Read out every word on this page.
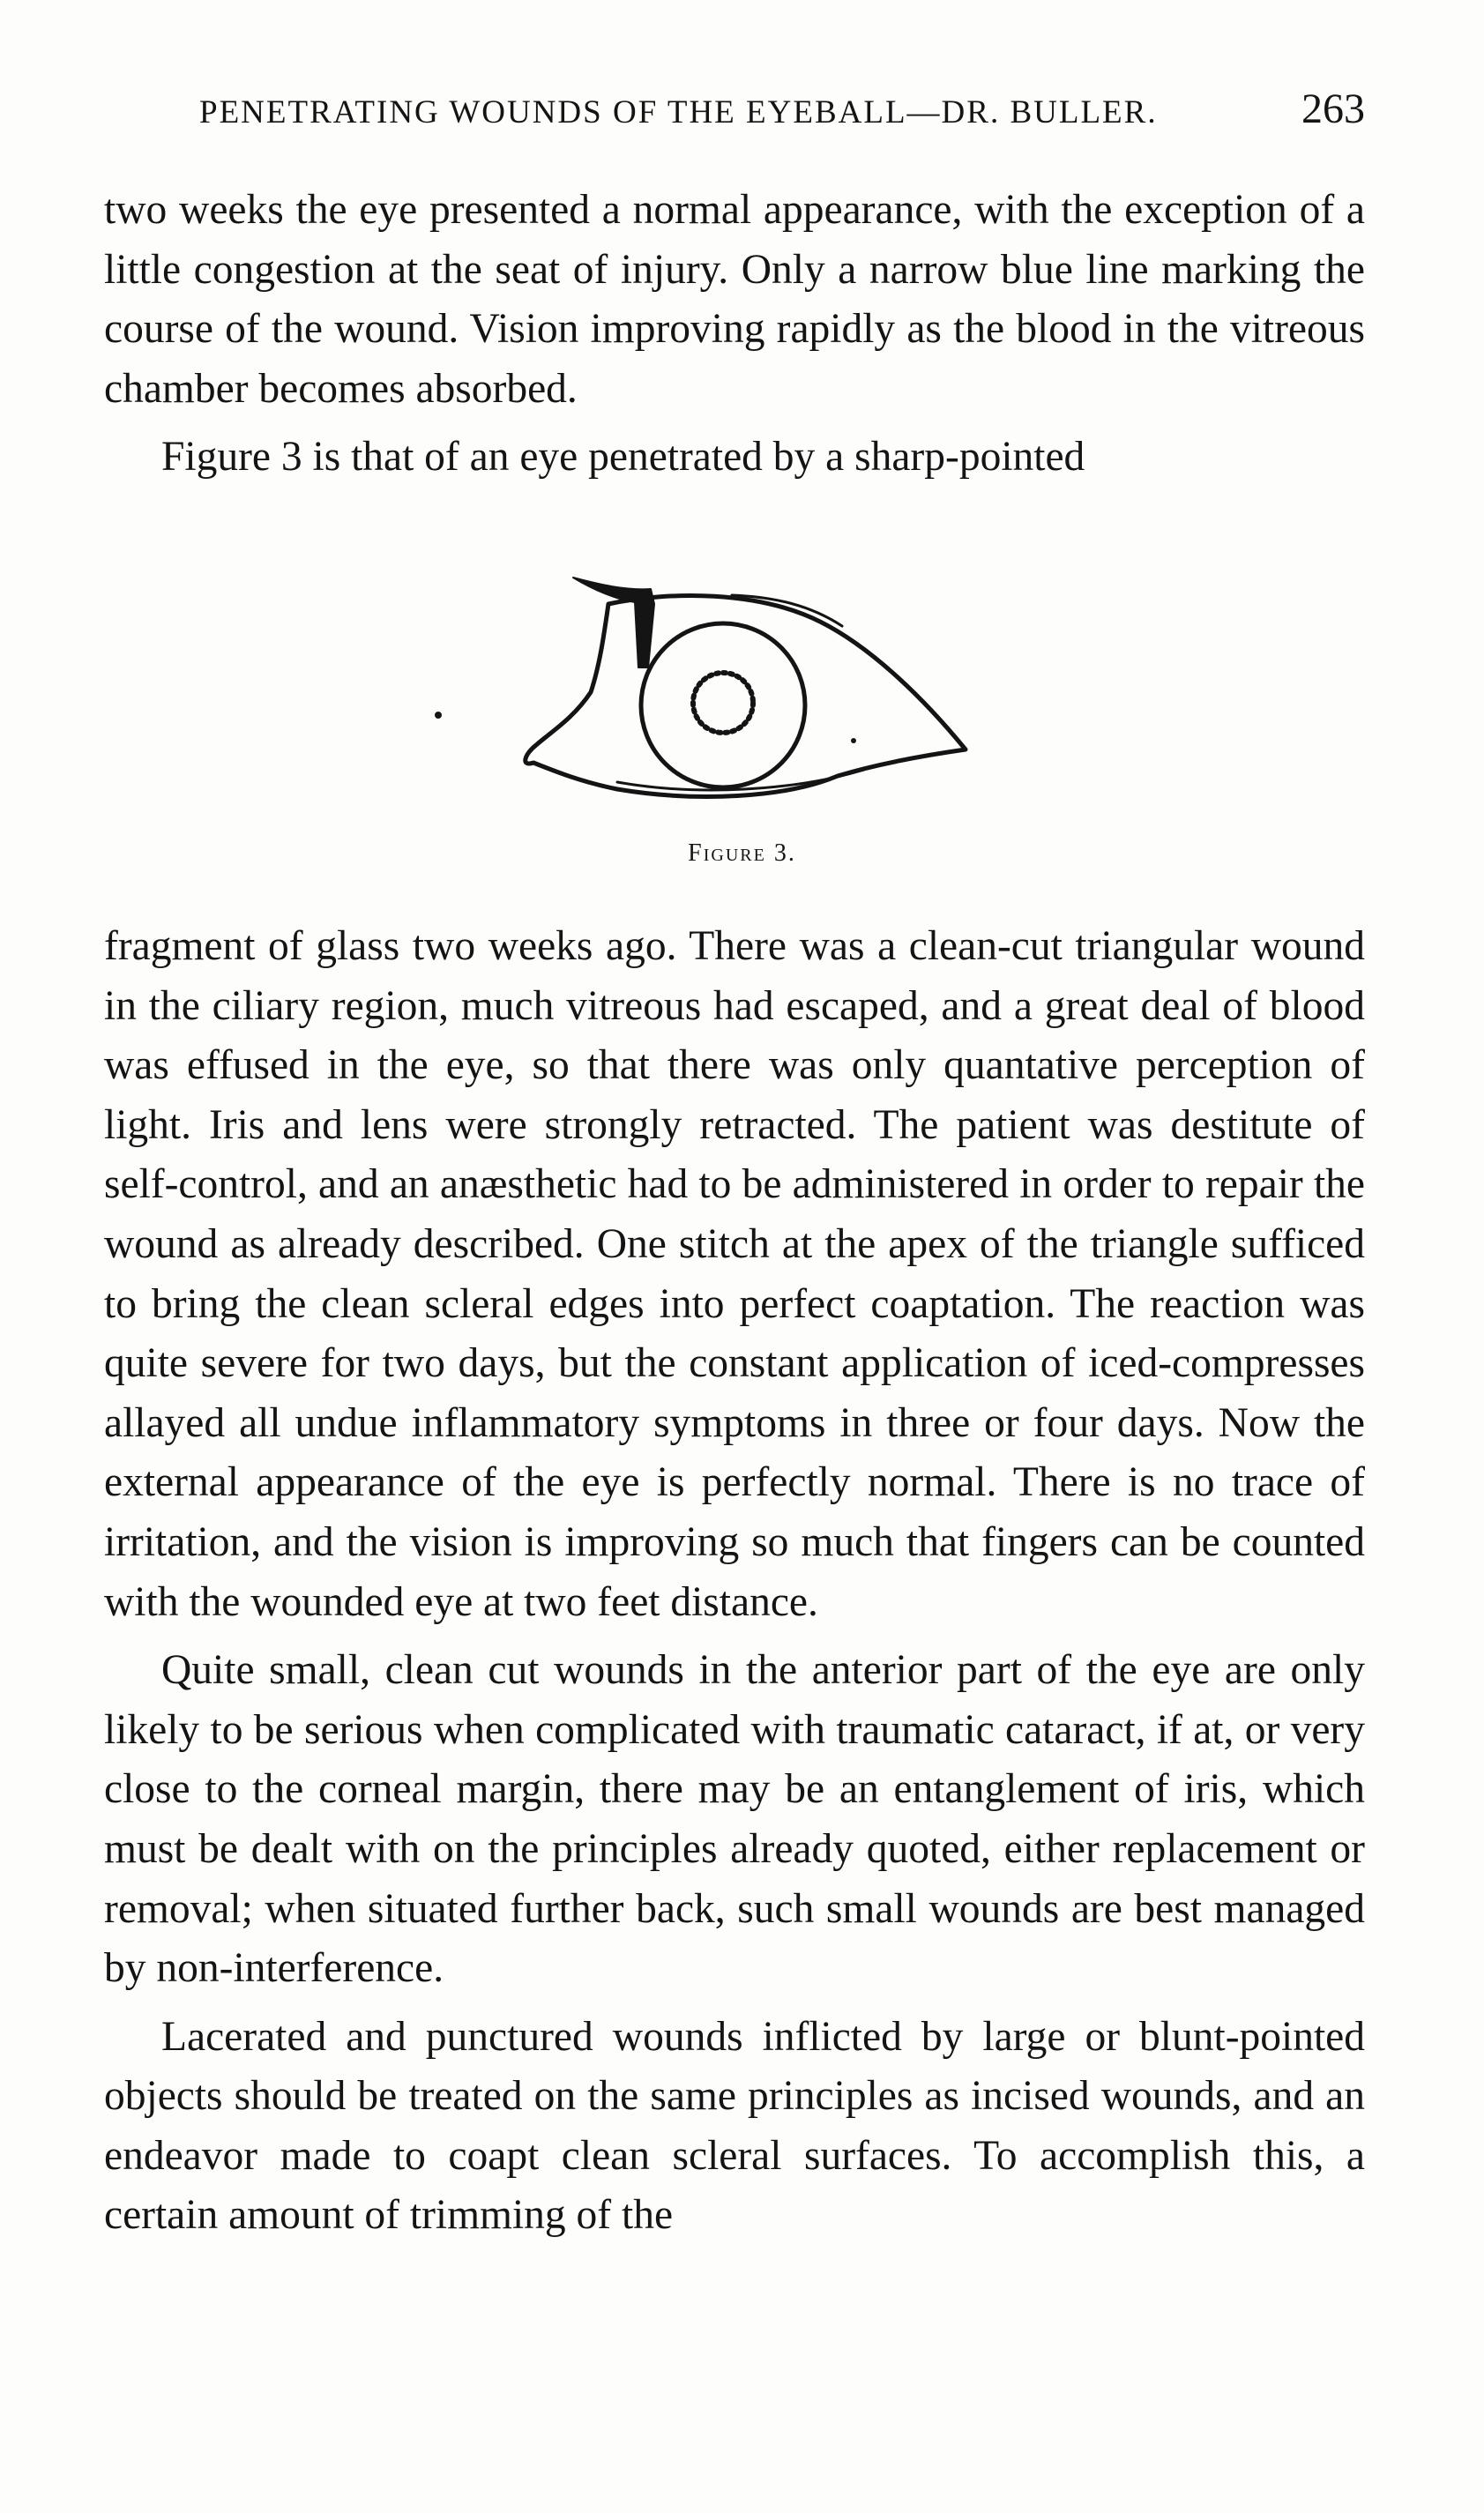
PENETRATING WOUNDS OF THE EYEBALL—DR. BULLER.	263

two weeks the eye presented a normal appearance, with the exception of a little congestion at the seat of injury. Only a narrow blue line marking the course of the wound. Vision improving rapidly as the blood in the vitreous chamber becomes absorbed.

Figure 3 is that of an eye penetrated by a sharp-pointed

Figure 3.

fragment of glass two weeks ago. There was a clean-cut triangular wound in the ciliary region, much vitreous had escaped, and a great deal of blood was effused in the eye, so that there was only quantative perception of light. Iris and lens were strongly retracted. The patient was destitute of self-control, and an anæsthetic had to be administered in order to repair the wound as already described. One stitch at the apex of the triangle sufficed to bring the clean scleral edges into perfect coaptation. The reaction was quite severe for two days, but the constant application of iced-compresses allayed all undue inflammatory symptoms in three or four days. Now the external appearance of the eye is perfectly normal. There is no trace of irritation, and the vision is improving so much that fingers can be counted with the wounded eye at two feet distance.

Quite small, clean cut wounds in the anterior part of the eye are only likely to be serious when complicated with traumatic cataract, if at, or very close to the corneal margin, there may be an entanglement of iris, which must be dealt with on the principles already quoted, either replacement or removal; when situated further back, such small wounds are best managed by non-interference.

Lacerated and punctured wounds inflicted by large or blunt-pointed objects should be treated on the same principles as incised wounds, and an endeavor made to coapt clean scleral surfaces. To accomplish this, a certain amount of trimming of the
